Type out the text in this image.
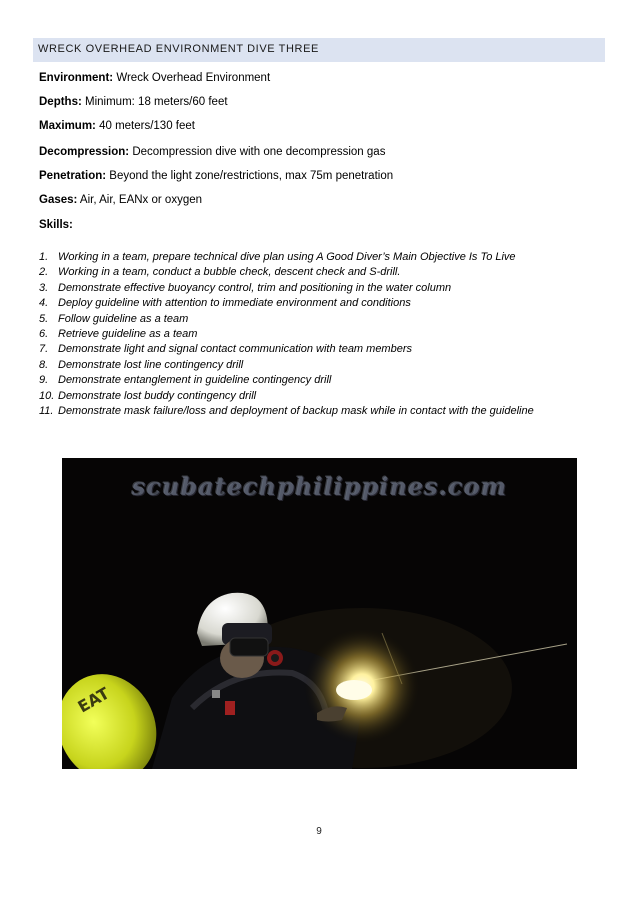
WRECK OVERHEAD ENVIRONMENT DIVE THREE
Environment: Wreck Overhead Environment
Depths: Minimum: 18 meters/60 feet
Maximum: 40 meters/130 feet
Decompression: Decompression dive with one decompression gas
Penetration: Beyond the light zone/restrictions, max 75m penetration
Gases: Air, Air, EANx or oxygen
Skills:
1. Working in a team, prepare technical dive plan using A Good Diver’s Main Objective Is To Live
2. Working in a team, conduct a bubble check, descent check and S-drill.
3. Demonstrate effective buoyancy control, trim and positioning in the water column
4. Deploy guideline with attention to immediate environment and conditions
5. Follow guideline as a team
6. Retrieve guideline as a team
7. Demonstrate light and signal contact communication with team members
8. Demonstrate lost line contingency drill
9. Demonstrate entanglement in guideline contingency drill
10. Demonstrate lost buddy contingency drill
11. Demonstrate mask failure/loss and deployment of backup mask while in contact with the guideline
EAT
scubatechphilippines.com
9
